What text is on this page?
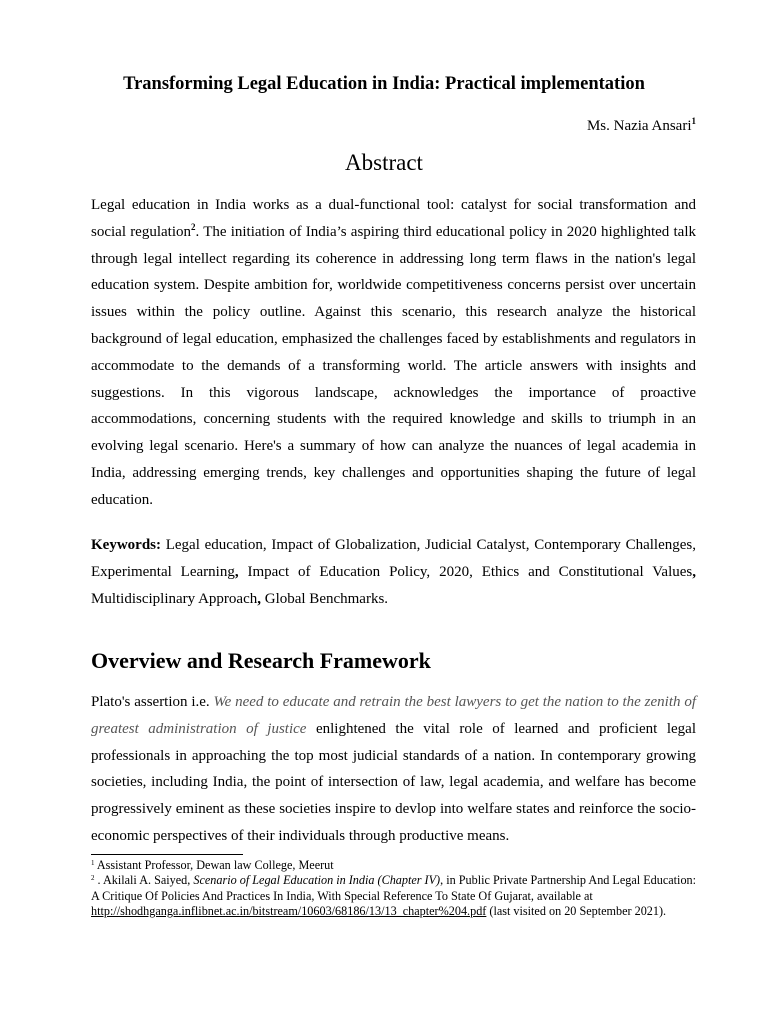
Transforming Legal Education in India: Practical implementation

Ms. Nazia Ansari$^1$

Abstract

Legal education in India works as a dual-functional tool: catalyst for social transformation and social regulation$^2$. The initiation of India’s aspiring third educational policy in 2020 highlighted talk through legal intellect regarding its coherence in addressing long term flaws in the nation's legal education system. Despite ambition for, worldwide competitiveness concerns persist over uncertain issues within the policy outline. Against this scenario, this research analyze the historical background of legal education, emphasized the challenges faced by establishments and regulators in accommodate to the demands of a transforming world. The article answers with insights and suggestions. In this vigorous landscape, acknowledges the importance of proactive accommodations, concerning students with the required knowledge and skills to triumph in an evolving legal scenario. Here's a summary of how can analyze the nuances of legal academia in India, addressing emerging trends, key challenges and opportunities shaping the future of legal education.

Keywords: Legal education, Impact of Globalization, Judicial Catalyst, Contemporary Challenges, Experimental Learning, Impact of Education Policy, 2020, Ethics and Constitutional Values, Multidisciplinary Approach, Global Benchmarks.

Overview and Research Framework

Plato's assertion i.e. We need to educate and retrain the best lawyers to get the nation to the zenith of greatest administration of justice enlightened the vital role of learned and proficient legal professionals in approaching the top most judicial standards of a nation. In contemporary growing societies, including India, the point of intersection of law, legal academia, and welfare has become progressively eminent as these societies inspire to devlop into welfare states and reinforce the socio-economic perspectives of their individuals through productive means.

$^1$ Assistant Professor, Dewan law College, Meerut

$^2$ . Akilali A. Saiyed, Scenario of Legal Education in India (Chapter IV), in Public Private Partnership And Legal Education: A Critique Of Policies And Practices In India, With Special Reference To State Of Gujarat, available at http://shodhganga.inflibnet.ac.in/bitstream/10603/68186/13/13_chapter%204.pdf (last visited on 20 September 2021).
